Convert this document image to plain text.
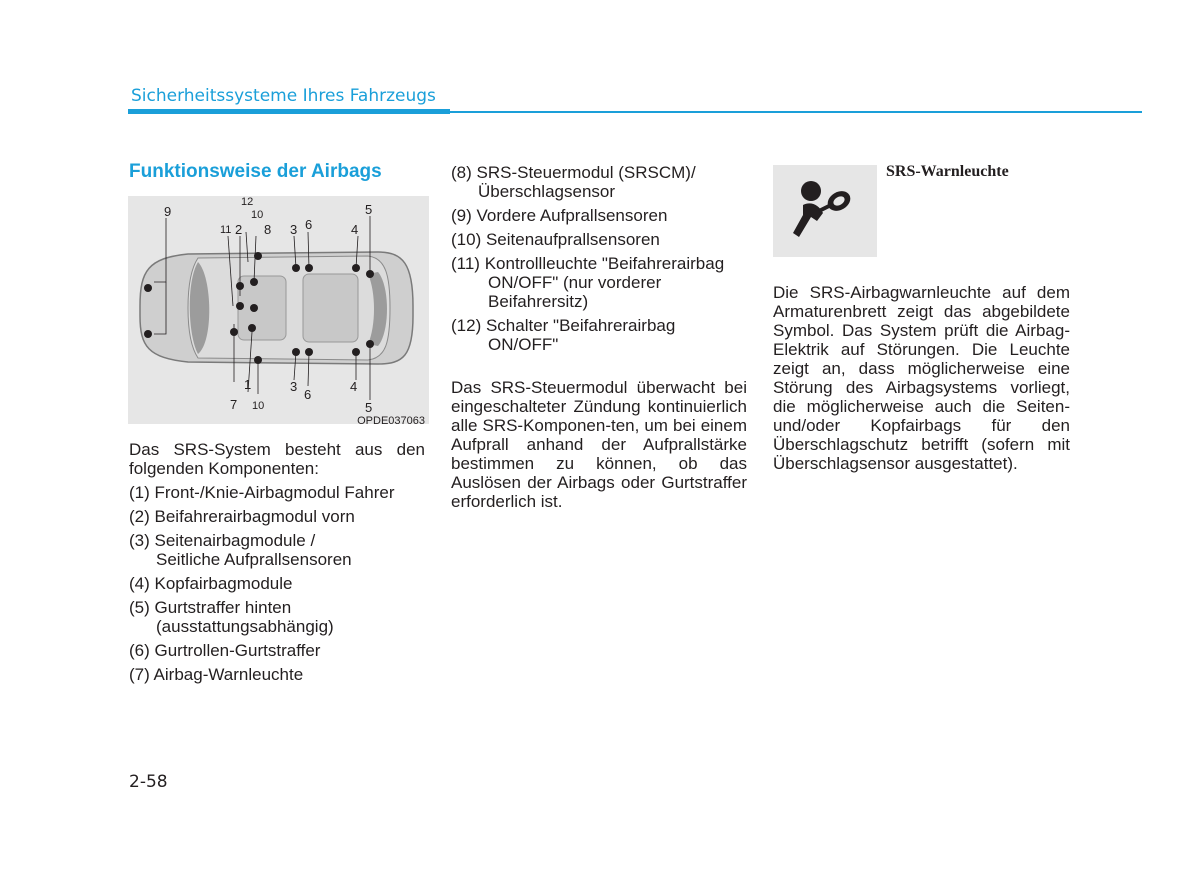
Sicherheitssysteme Ihres Fahrzeugs
Funktionsweise der Airbags
9
12
10
11 2 8 3 6	4
5
1
7 10
3
6
4
5
OPDE037063

Das SRS-System besteht aus den folgenden Komponenten:

(1) Front-/Knie-Airbagmodul Fahrer
(2) Beifahrerairbagmodul vorn
(3) Seitenairbagmodule /
Seitliche Aufprallsensoren
(4) Kopfairbagmodule
(5) Gurtstraffer hinten
(ausstattungsabhängig)
(6) Gurtrollen-Gurtstraffer
(7) Airbag-Warnleuchte
(8) SRS-Steuermodul (SRSCM)/
Überschlagsensor
(9) Vordere Aufprallsensoren
(10) Seitenaufprallsensoren
(11) Kontrollleuchte "Beifahrerairbag
ON/OFF" (nur vorderer
Beifahrersitz)
(12) Schalter "Beifahrerairbag
ON/OFF"

Das SRS-Steuermodul überwacht bei eingeschalteter Zündung kontinuierlich alle SRS-Komponen-ten, um bei einem Aufprall anhand der Aufprallstärke bestimmen zu können, ob das Auslösen der Airbags oder Gurtstraffer erforderlich ist.

SRS-Warnleuchte

Die SRS-Airbagwarnleuchte auf dem Armaturenbrett zeigt das abgebildete Symbol. Das System prüft die Airbag-Elektrik auf Störungen. Die Leuchte zeigt an, dass möglicherweise eine Störung des Airbagsystems vorliegt, die möglicherweise auch die Seiten- und/oder Kopfairbags für den Überschlagschutz betrifft (sofern mit Überschlagsensor ausgestattet).

2-58
